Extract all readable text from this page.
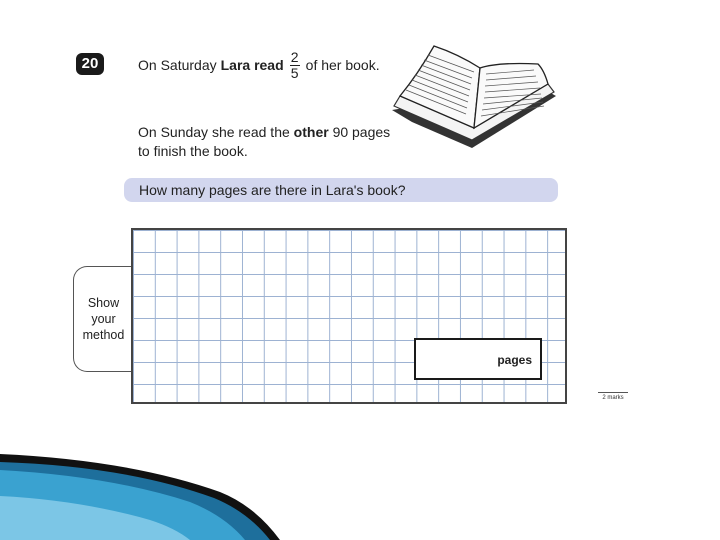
20	On Saturday Lara read $\frac{2}{5}$ of her book.
On Sunday she read the other 90 pages
to finish the book.
How many pages are there in Lara's book?
Show
your
method
pages
2 marks
